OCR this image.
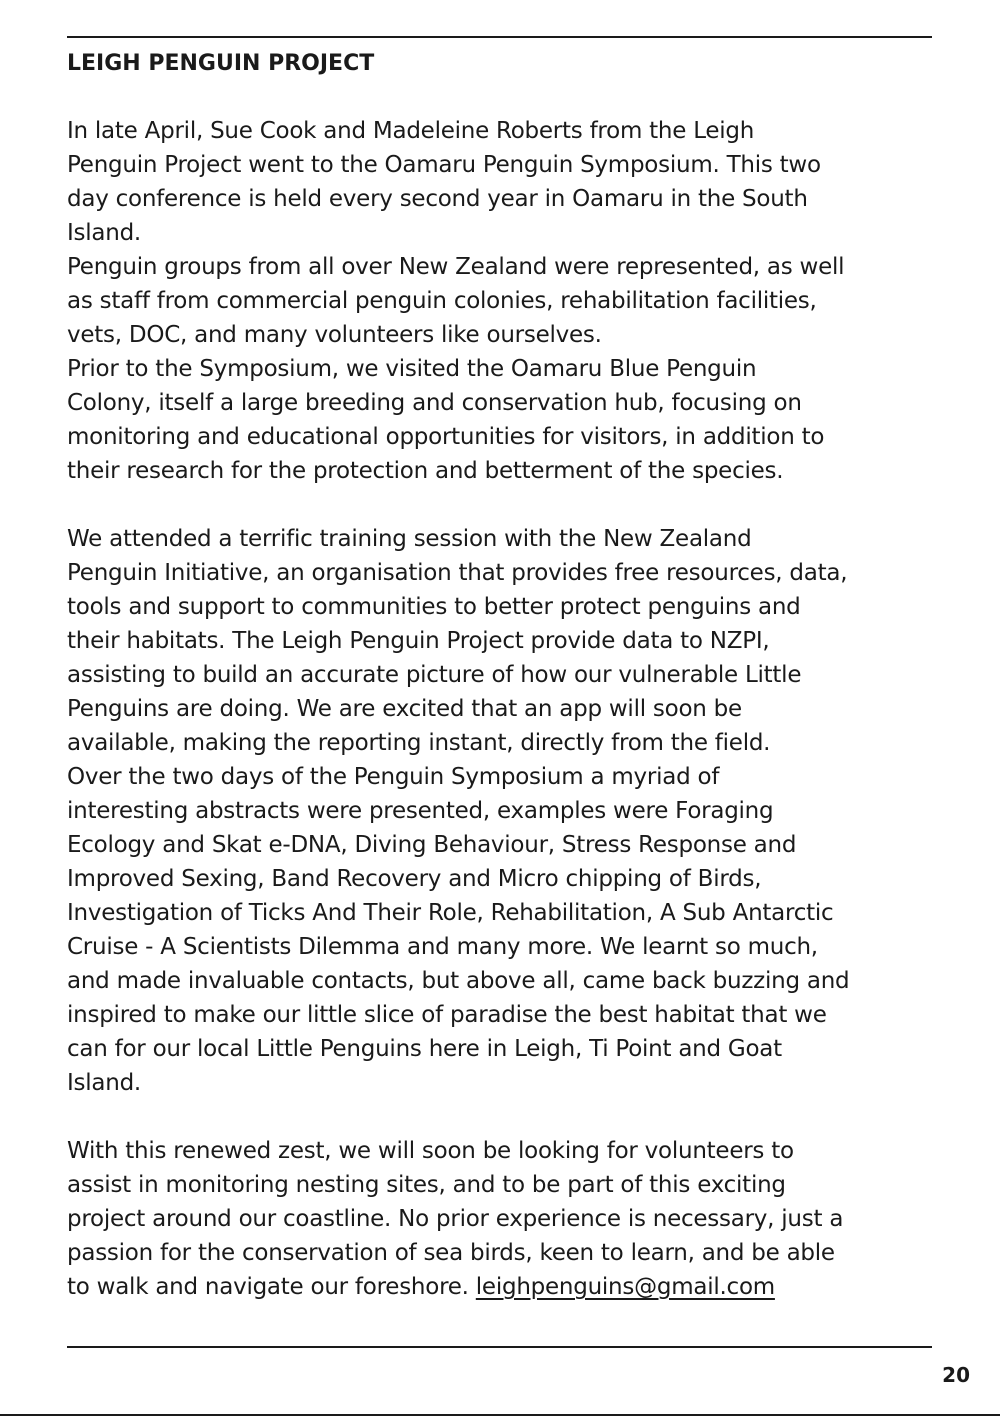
LEIGH PENGUIN PROJECT
In late April, Sue Cook and Madeleine Roberts from the Leigh
Penguin Project went to the Oamaru Penguin Symposium. This two
day conference is held every second year in Oamaru in the South
Island.
Penguin groups from all over New Zealand were represented, as well
as staff from commercial penguin colonies, rehabilitation facilities,
vets, DOC, and many volunteers like ourselves.
Prior to the Symposium, we visited the Oamaru Blue Penguin
Colony, itself a large breeding and conservation hub, focusing on
monitoring and educational opportunities for visitors, in addition to
their research for the protection and betterment of the species.
We attended a terrific training session with the New Zealand
Penguin Initiative, an organisation that provides free resources, data,
tools and support to communities to better protect penguins and
their habitats. The Leigh Penguin Project provide data to NZPI,
assisting to build an accurate picture of how our vulnerable Little
Penguins are doing. We are excited that an app will soon be
available, making the reporting instant, directly from the field.
Over the two days of the Penguin Symposium a myriad of
interesting abstracts were presented, examples were Foraging
Ecology and Skat e-DNA, Diving Behaviour, Stress Response and
Improved Sexing, Band Recovery and Micro chipping of Birds,
Investigation of Ticks And Their Role, Rehabilitation, A Sub Antarctic
Cruise - A Scientists Dilemma and many more. We learnt so much,
and made invaluable contacts, but above all, came back buzzing and
inspired to make our little slice of paradise the best habitat that we
can for our local Little Penguins here in Leigh, Ti Point and Goat
Island.
With this renewed zest, we will soon be looking for volunteers to
assist in monitoring nesting sites, and to be part of this exciting
project around our coastline. No prior experience is necessary, just a
passion for the conservation of sea birds, keen to learn, and be able
to walk and navigate our foreshore. leighpenguins@gmail.com
20
